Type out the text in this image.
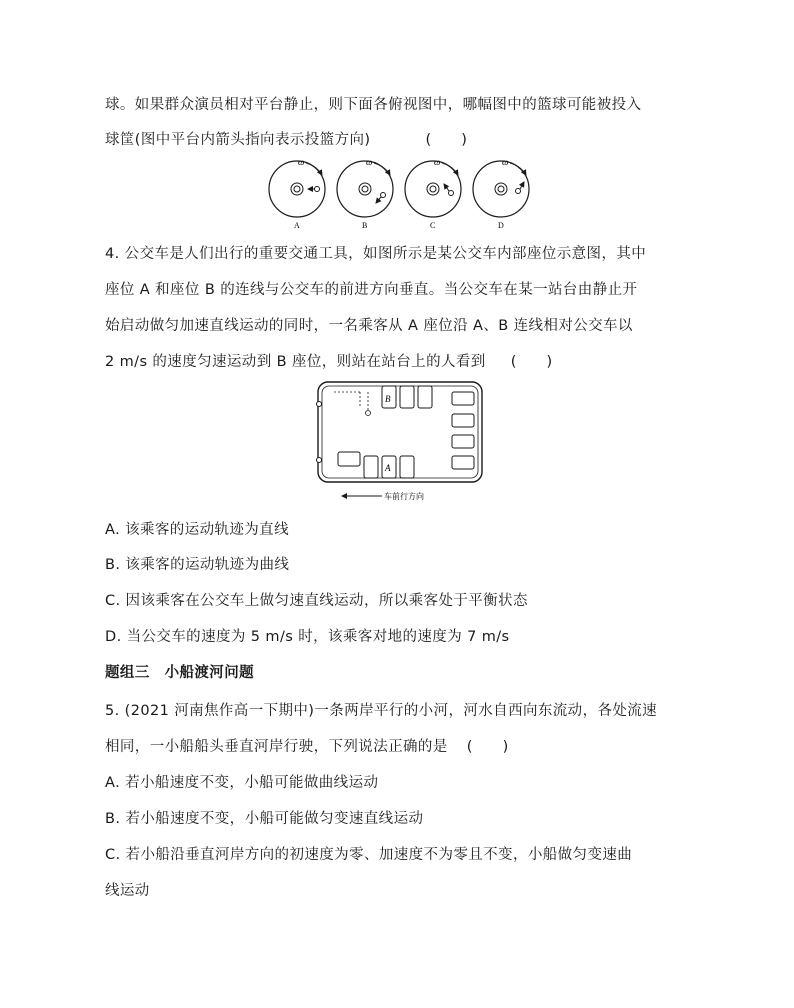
球。如果群众演员相对平台静止，则下面各俯视图中，哪幅图中的篮球可能被投入
球筐(图中平台内箭头指向表示投篮方向)	(　　)
ω
A
ω
B
ω
C
ω
D
4. 公交车是人们出行的重要交通工具，如图所示是某公交车内部座位示意图，其中
座位 A 和座位 B 的连线与公交车的前进方向垂直。当公交车在某一站台由静止开
始启动做匀加速直线运动的同时，一名乘客从 A 座位沿 A、B 连线相对公交车以
2 m/s 的速度匀速运动到 B 座位，则站在站台上的人看到 (　　)
B
A
车前行方向
A. 该乘客的运动轨迹为直线
B. 该乘客的运动轨迹为曲线
C. 因该乘客在公交车上做匀速直线运动，所以乘客处于平衡状态
D. 当公交车的速度为 5 m/s 时，该乘客对地的速度为 7 m/s
题组三　小船渡河问题
5. (2021 河南焦作高一下期中)一条两岸平行的小河，河水自西向东流动，各处流速
相同，一小船船头垂直河岸行驶，下列说法正确的是 (　　)
A. 若小船速度不变，小船可能做曲线运动
B. 若小船速度不变，小船可能做匀变速直线运动
C. 若小船沿垂直河岸方向的初速度为零、加速度不为零且不变，小船做匀变速曲
线运动
